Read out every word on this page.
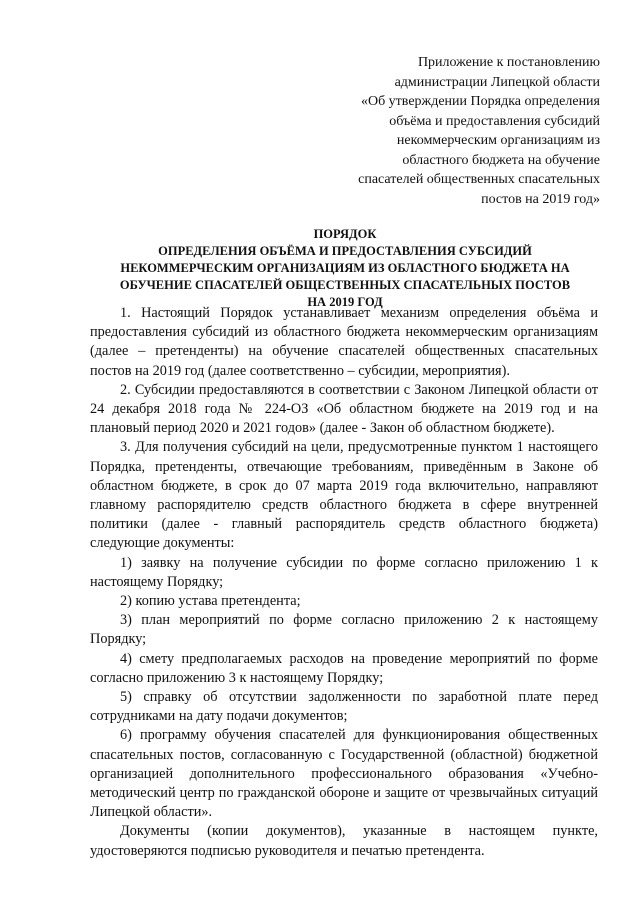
Приложение к постановлению
администрации Липецкой области
«Об утверждении Порядка определения
объёма и предоставления субсидий
некоммерческим организациям из
областного бюджета на обучение
спасателей общественных спасательных
постов на 2019 год»
ПОРЯДОК
ОПРЕДЕЛЕНИЯ ОБЪЁМА И ПРЕДОСТАВЛЕНИЯ СУБСИДИЙ
НЕКОММЕРЧЕСКИМ ОРГАНИЗАЦИЯМ ИЗ ОБЛАСТНОГО БЮДЖЕТА НА
ОБУЧЕНИЕ СПАСАТЕЛЕЙ ОБЩЕСТВЕННЫХ СПАСАТЕЛЬНЫХ ПОСТОВ
НА 2019 ГОД

1. Настоящий Порядок устанавливает механизм определения объёма и предоставления субсидий из областного бюджета некоммерческим организациям (далее – претенденты) на обучение спасателей общественных спасательных постов на 2019 год (далее соответственно – субсидии, мероприятия).

2. Субсидии предоставляются в соответствии с Законом Липецкой области от 24 декабря 2018 года № 224-ОЗ «Об областном бюджете на 2019 год и на плановый период 2020 и 2021 годов» (далее - Закон об областном бюджете).

3. Для получения субсидий на цели, предусмотренные пунктом 1 настоящего Порядка, претенденты, отвечающие требованиям, приведённым в Законе об областном бюджете, в срок до 07 марта 2019 года включительно, направляют главному распорядителю средств областного бюджета в сфере внутренней политики (далее - главный распорядитель средств областного бюджета) следующие документы:

1) заявку на получение субсидии по форме согласно приложению 1 к настоящему Порядку;

2) копию устава претендента;

3) план мероприятий по форме согласно приложению 2 к настоящему Порядку;

4) смету предполагаемых расходов на проведение мероприятий по форме согласно приложению 3 к настоящему Порядку;

5) справку об отсутствии задолженности по заработной плате перед сотрудниками на дату подачи документов;

6) программу обучения спасателей для функционирования общественных спасательных постов, согласованную с Государственной (областной) бюджетной организацией дополнительного профессионального образования «Учебно-методический центр по гражданской обороне и защите от чрезвычайных ситуаций Липецкой области».

Документы (копии документов), указанные в настоящем пункте, удостоверяются подписью руководителя и печатью претендента.
